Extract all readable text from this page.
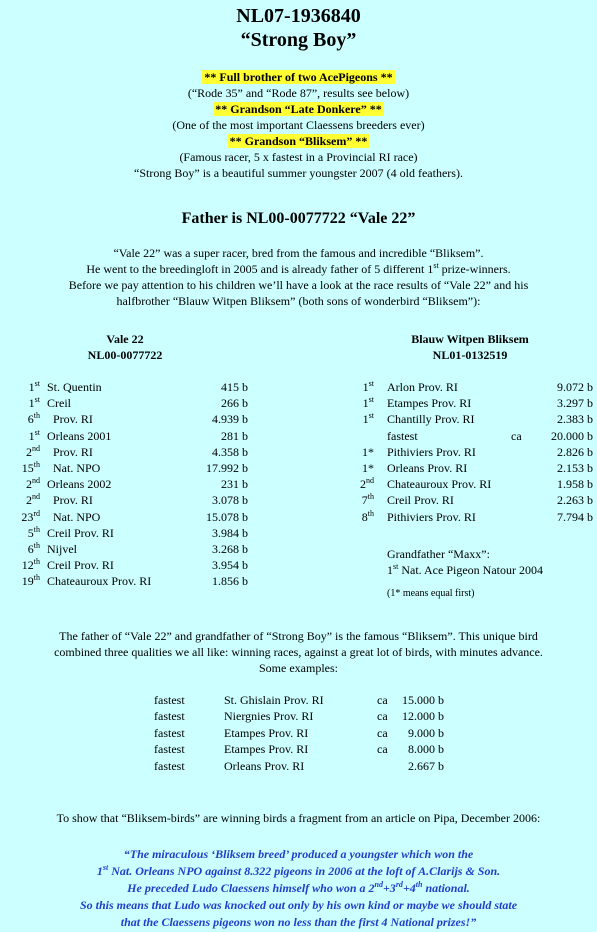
NL07-1936840
“Strong Boy”
** Full brother of two AcePigeons **
(“Rode 35” and “Rode 87”, results see below)
** Grandson “Late Donkere” **
(One of the most important Claessens breeders ever)
** Grandson “Bliksem” **
(Famous racer, 5 x fastest in a Provincial RI race)
“Strong Boy” is a beautiful summer youngster 2007 (4 old feathers).
Father is NL00-0077722 “Vale 22”
“Vale 22” was a super racer, bred from the famous and incredible “Bliksem”.
He went to the breedingloft in 2005 and is already father of 5 different 1st prize-winners.
Before we pay attention to his children we’ll have a look at the race results of “Vale 22” and his
halfbrother “Blauw Witpen Bliksem” (both sons of wonderbird “Bliksem”):
Vale 22
NL00-0077722
Blauw Witpen Bliksem
NL01-0132519
1st St. Quentin	415 b
1st Creil	266 b
6th Prov. RI	4.939 b
1st Orleans 2001	281 b
2nd Prov. RI	4.358 b
15th Nat. NPO	17.992 b
2nd Orleans 2002	231 b
2nd Prov. RI	3.078 b
23rd Nat. NPO	15.078 b
5th Creil Prov. RI	3.984 b
6th Nijvel	3.268 b
12th Creil Prov. RI	3.954 b
19th Chateauroux Prov. RI	1.856 b
1st Arlon Prov. RI	9.072 b
1st Etampes Prov. RI	3.297 b
1st Chantilly Prov. RI	2.383 b
fastest	ca 20.000 b
1* Pithiviers Prov. RI	2.826 b
1* Orleans Prov. RI	2.153 b
2nd Chateauroux Prov. RI	1.958 b
7th Creil Prov. RI	2.263 b
8th Pithiviers Prov. RI	7.794 b
Grandfather “Maxx”:
1st Nat. Ace Pigeon Natour 2004
(1* means equal first)
The father of “Vale 22” and grandfather of “Strong Boy” is the famous “Bliksem”. This unique bird
combined three qualities we all like: winning races, against a great lot of birds, with minutes advance.
Some examples:
fastest	St. Ghislain Prov. RI	ca 15.000 b
fastest	Niergnies Prov. RI	ca 12.000 b
fastest	Etampes Prov. RI	ca 9.000 b
fastest	Etampes Prov. RI	ca 8.000 b
fastest	Orleans Prov. RI	2.667 b
To show that “Bliksem-birds” are winning birds a fragment from an article on Pipa, December 2006:
“The miraculous ‘Bliksem breed’ produced a youngster which won the
1st Nat. Orleans NPO against 8.322 pigeons in 2006 at the loft of A.Clarijs & Son.
He preceded Ludo Claessens himself who won a 2nd+3rd+4th national.
So this means that Ludo was knocked out only by his own kind or maybe we should state
that the Claessens pigeons won no less than the first 4 National prizes!”
